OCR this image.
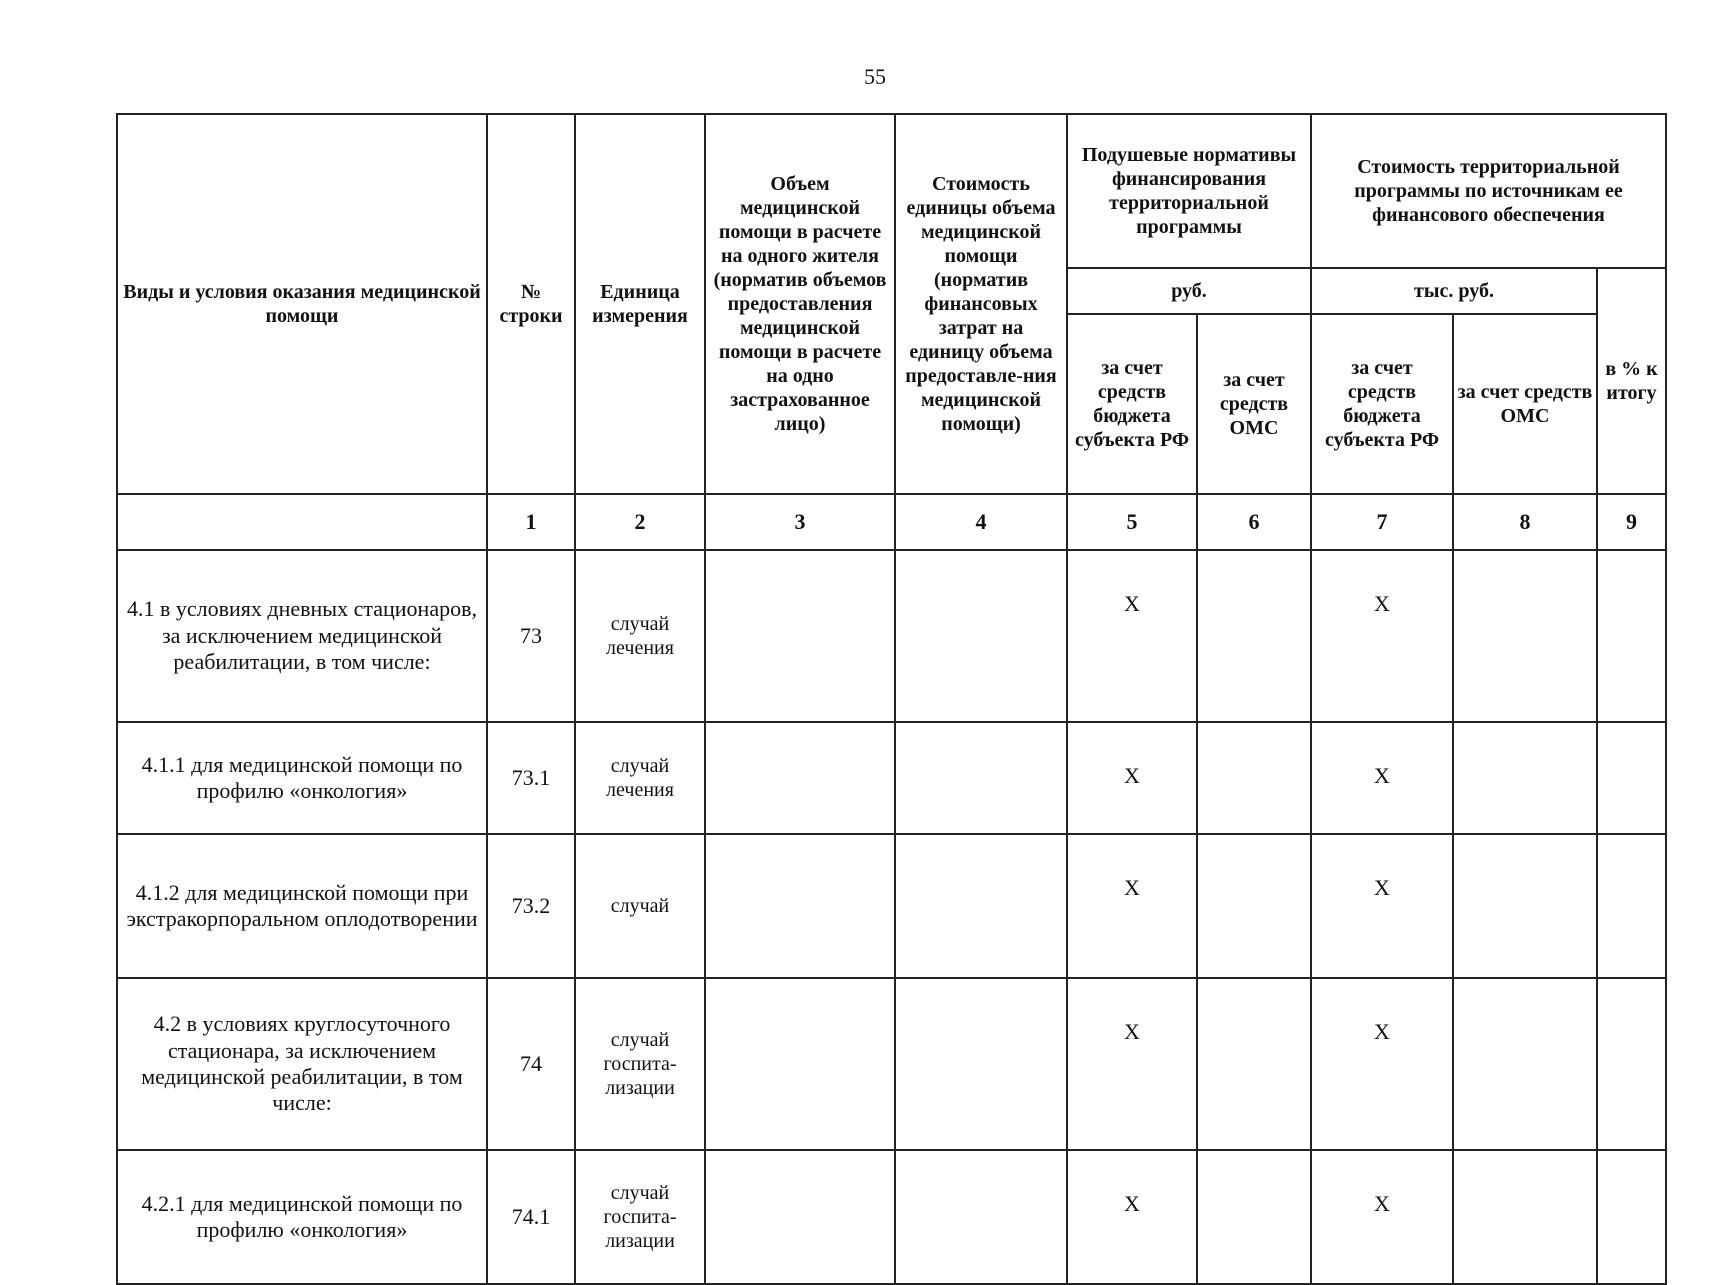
55
Виды и условия оказания медицинской помощи	№ строки	Единица измерения	Объем медицинской помощи в расчете на одного жителя (норматив объемов предоставления медицинской помощи в расчете на одно застрахованное лицо)	Стоимость единицы объема медицинской помощи (норматив финансовых затрат на единицу объема предоставле-ния медицинской помощи)	Подушевые нормативы финансирования территориальной программы		Стоимость территориальной программы по источникам ее финансового обеспечения		
					руб.		тыс. руб.		в % к итогу
					за счет средств бюджета субъекта РФ	за счет средств ОМС	за счет средств бюджета субъекта РФ	за счет средств ОМС	
	1	2	3	4	5	6	7	8	9
4.1 в условиях дневных стационаров, за исключением медицинской реабилитации, в том числе:	73	случай лечения			X		X		
4.1.1 для медицинской помощи по профилю «онкология»	73.1	случай лечения			X		X		
4.1.2 для медицинской помощи при экстракорпоральном оплодотворении	73.2	случай			X		X		
4.2 в условиях круглосуточного стационара, за исключением медицинской реабилитации, в том числе:	74	случай госпита-лизации			X		X		
4.2.1 для медицинской помощи по профилю «онкология»	74.1	случай госпита-лизации			X		X		
